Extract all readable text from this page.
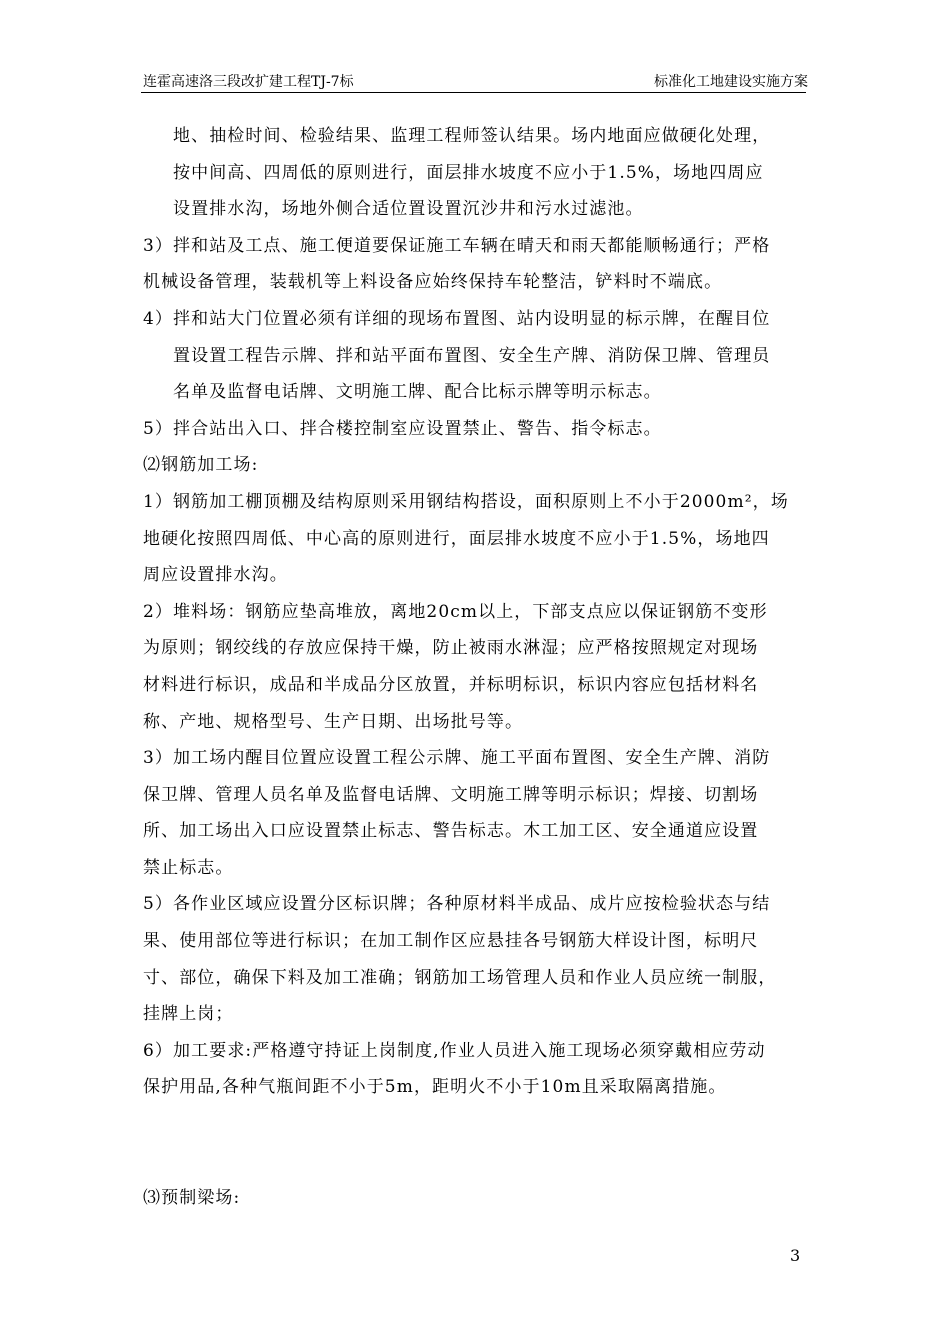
连霍高速洛三段改扩建工程TJ-7标	标准化工地建设实施方案
地、抽检时间、检验结果、监理工程师签认结果。场内地面应做硬化处理，
按中间高、四周低的原则进行，面层排水坡度不应小于1.5%，场地四周应
设置排水沟，场地外侧合适位置设置沉沙井和污水过滤池。
3）拌和站及工点、施工便道要保证施工车辆在晴天和雨天都能顺畅通行；严格
机械设备管理，装载机等上料设备应始终保持车轮整洁，铲料时不端底。
4）拌和站大门位置必须有详细的现场布置图、站内设明显的标示牌，在醒目位
置设置工程告示牌、拌和站平面布置图、安全生产牌、消防保卫牌、管理员
名单及监督电话牌、文明施工牌、配合比标示牌等明示标志。
5）拌合站出入口、拌合楼控制室应设置禁止、警告、指令标志。
⑵钢筋加工场:
1）钢筋加工棚顶棚及结构原则采用钢结构搭设，面积原则上不小于2000m²，场
地硬化按照四周低、中心高的原则进行，面层排水坡度不应小于1.5%，场地四
周应设置排水沟。
2）堆料场：钢筋应垫高堆放，离地20cm以上，下部支点应以保证钢筋不变形
为原则；钢绞线的存放应保持干燥，防止被雨水淋湿；应严格按照规定对现场
材料进行标识，成品和半成品分区放置，并标明标识，标识内容应包括材料名
称、产地、规格型号、生产日期、出场批号等。
3）加工场内醒目位置应设置工程公示牌、施工平面布置图、安全生产牌、消防
保卫牌、管理人员名单及监督电话牌、文明施工牌等明示标识；焊接、切割场
所、加工场出入口应设置禁止标志、警告标志。木工加工区、安全通道应设置
禁止标志。
5）各作业区域应设置分区标识牌；各种原材料半成品、成片应按检验状态与结
果、使用部位等进行标识；在加工制作区应悬挂各号钢筋大样设计图，标明尺
寸、部位，确保下料及加工准确；钢筋加工场管理人员和作业人员应统一制服，
挂牌上岗；
6）加工要求:严格遵守持证上岗制度,作业人员进入施工现场必须穿戴相应劳动
保护用品,各种气瓶间距不小于5m，距明火不小于10m且采取隔离措施。
⑶预制梁场:
3
